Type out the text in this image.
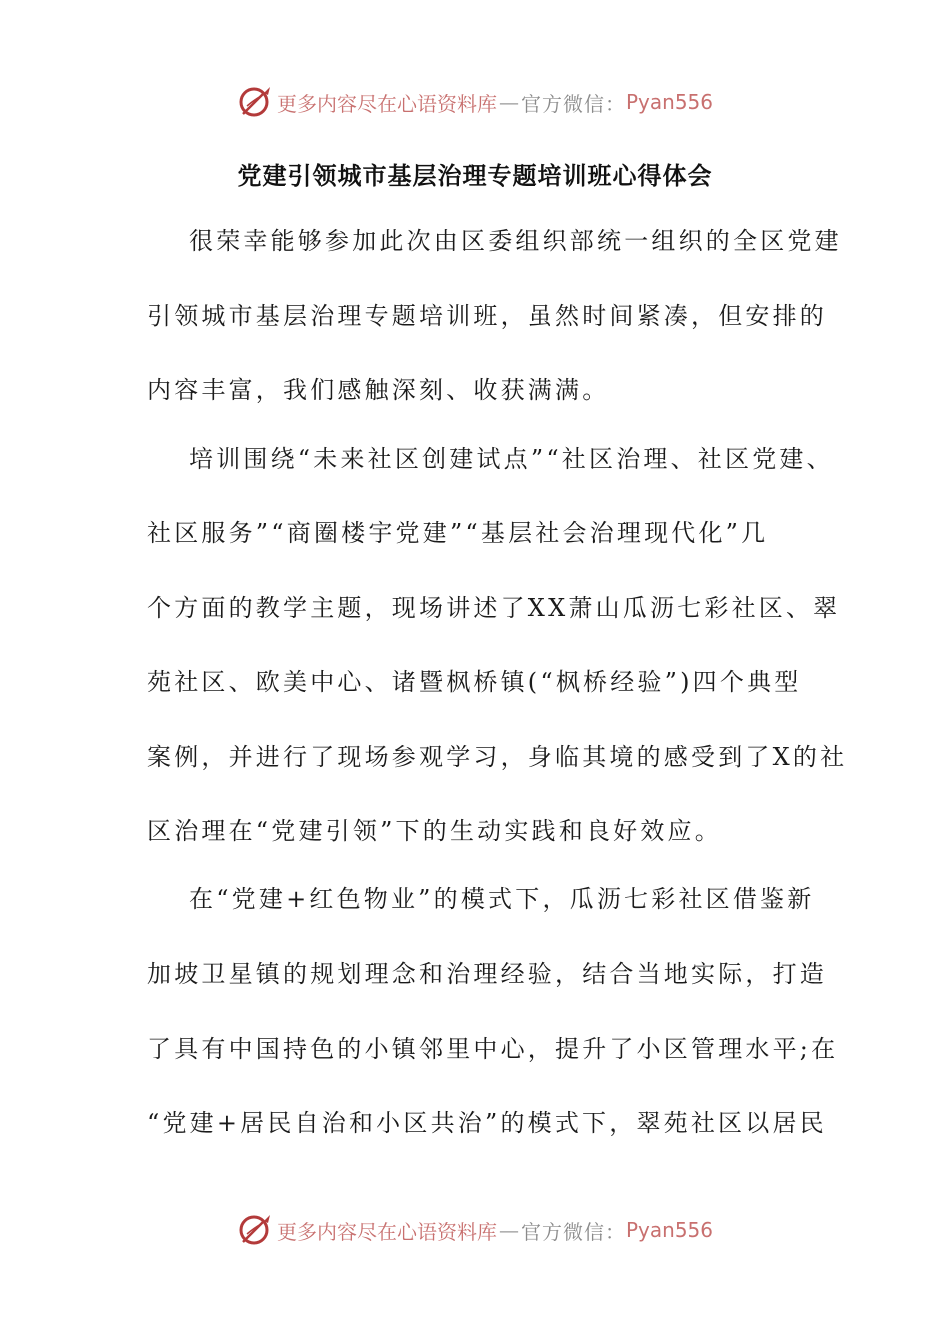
更多内容尽在心语资料库 — 官方微信： Pyan556
党建引领城市基层治理专题培训班心得体会
很荣幸能够参加此次由区委组织部统一组织的全区党建
引领城市基层治理专题培训班，虽然时间紧凑，但安排的
内容丰富，我们感触深刻、收获满满。
培训围绕“未来社区创建试点”“社区治理、社区党建、
社区服务”“商圈楼宇党建”“基层社会治理现代化”几
个方面的教学主题，现场讲述了XX萧山瓜沥七彩社区、翠
苑社区、欧美中心、诸暨枫桥镇(“枫桥经验”)四个典型
案例，并进行了现场参观学习，身临其境的感受到了X的社
区治理在“党建引领”下的生动实践和良好效应。
在“党建+红色物业”的模式下，瓜沥七彩社区借鉴新
加坡卫星镇的规划理念和治理经验，结合当地实际，打造
了具有中国持色的小镇邻里中心，提升了小区管理水平;在
“党建+居民自治和小区共治”的模式下，翠苑社区以居民
更多内容尽在心语资料库 — 官方微信： Pyan556
